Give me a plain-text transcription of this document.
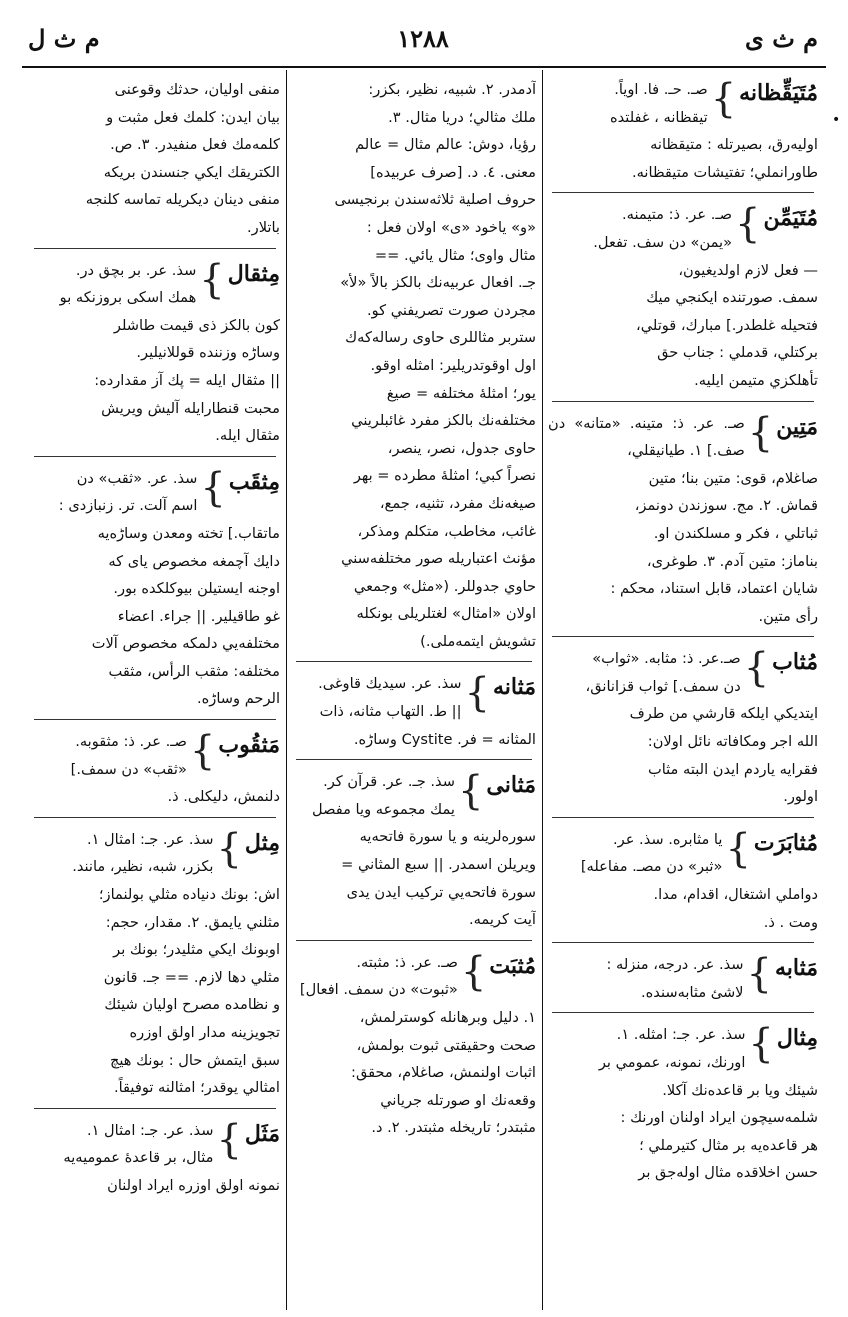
م ث ى
١٢٨٨
م ث ل
•
مُتَيَقِّظانه
}
صـ. حـ. فا. اوياً.
تيقظانه ، غفلتده
اوليه‌رق، بصيرتله : متيقظانه
طاورانملي؛ تفتيشات متيقظانه.
مُتَيَمِّن
}
صـ. عر. ذ: متيمنه.
«يمن» دن سف. تفعل.
— فعل لازم اولديغيون،
سمف. صورتنده ايكنجي ميك
فتحيله غلطدر.] مبارك، قوتلي،
بركتلي، قدملي : جناب حق
تأهلكزي متيمن ايليه.
مَتِين
}
صـ. عر. ذ: متينه. «متانه» دن صف.] ١. طيانيقلي،
صاغلام، قوى: متين بنا؛ متين
قماش. ٢. مج. سوزندن دونمز،
ثباتلي ، فكر و مسلكندن او.
بناماز: متين آدم. ٣. طوغرى،
شايان اعتماد، قابل استناد، محكم :
رأى متين.
مُثاب
}
صـ.عر. ذ: مثابه. «ثواب»
دن سمف.] ثواب قزانانق،
ايتديكي ايلكه قارشي من طرف
الله اجر ومكافاته نائل اولان:
فقرايه ياردم ايدن البته مثاب
اولور.
مُثابَرَت
}
يا مثابره. سذ. عر.
«ثبر» دن مصـ. مفاعله]
دواملي اشتغال، اقدام، مدا.
ومت . ذ.
مَثابه
}
سذ. عر. درجه، منزله :
لاشئ مثابه‌سنده.
مِثال
}
سذ. عر. جـ: امثله. ١.
اورنك، نمونه، عمومي بر
شيئك ويا بر قاعده‌نك آكلا.
شلمه‌سيچون ايراد اولنان اورنك :
هر قاعده‌يه بر مثال كتيرملي ؛
حسن اخلاقده مثال اوله‌جق بر
آدمدر. ٢. شبيه، نظير، بكزر:
ملك مثالي؛ دريا مثال. ٣.
رؤيا، دوش: عالم مثال = عالم
معنى. ٤. د. [صرف عربيده]
حروف اصلية ثلاثه‌سندن برنجيسى
«و» ياخود «ى» اولان فعل :
مثال واوى؛ مثال يائي. ==
جـ. افعال عربيه‌نك بالكز بالاً «لأ»
مجردن صورت تصريفني كو.
ستربر مثاللرى حاوى رساله‌كه‌ك
اول اوقوتدريلير: امثله اوقو.
يور؛ امثلهٔ مختلفه = صيغ
مختلفه‌نك بالكز مفرد غائبلريني
حاوى جدول، نصر، ينصر،
نصراً كبي؛ امثلهٔ مطرده = بهر
صيغه‌نك مفرد، تثنيه، جمع،
غائب، مخاطب، متكلم ومذكر،
مؤنث اعتباريله صور مختلفه‌سني
حاوي جدوللر. («مثل» وجمعي
اولان «امثال» لغتلريلى بونكله
تشويش ايتمه‌ملى.)
مَثانه
}
سذ. عر. سيديك قاوغى.
|| ط. التهاب مثانه، ذات
المثانه = فر. Cystite وساڑه.
مَثانى
}
سذ. جـ. عر. قرآن كر.
يمك مجموعه ويا مفصل
سوره‌لرينه و يا سورة فاتحه‌يه
ويريلن اسمدر. || سبع المثاني =
سورة فاتحه‌يي تركيب ايدن يدى
آيت كريمه.
مُثبَت
}
صـ. عر. ذ: مثبته.
«ثبوت» دن سمف. افعال]
١. دليل وبرهانله كوسترلمش،
صحت وحقيقتى ثبوت بولمش،
اثبات اولنمش، صاغلام، محقق:
وقعه‌نك او صورتله جرياني
مثبتدر؛ تاريخله مثبتدر. ٢. د.
منفى اوليان، حدثك وقوعنى
بيان ايدن: كلمك فعل مثبت و
كلمه‌مك فعل منفيدر. ٣. ص.
الكتريقك ايكي جنسندن بريكه
منفى دينان ديكريله تماسه كلنجه
باتلار.
مِثقال
}
سذ. عر. بر بچق در.
همك اسكى بروزنكه بو
كون بالكز ذى قيمت طاشلر
وساڑه وزننده قوللانيلير.
|| مثقال ايله = پك آز مقدارده:
محبت قنطارايله آليش ويريش
مثقال ايله.
مِثقَب
}
سذ. عر. «ثقب» دن
اسم آلت. تر. زنبازدى :
ماتقاب.] تخته ومعدن وساڑه‌يه
دايك آچمغه مخصوص ياى كه
اوجنه ايستيلن بيوكلكده بور.
غو طاقيلير. || جراء. اعضاء
مختلفه‌يي دلمكه مخصوص آلات
مختلفه: مثقب الرأس، مثقب
الرحم وساڑه.
مَثقُوب
}
صـ. عر. ذ: مثقوبه.
«ثقب» دن سمف.]
دلنمش، دليكلى. ذ.
مِثل
}
سذ. عر. جـ: امثال ١.
بكزر، شبه، نظير، مانند.
اش: بونك دنياده مثلي بولنماز؛
مثلني يايمق. ٢. مقدار، حجم:
اوبونك ايكي مثليدر؛ بونك بر
مثلي دها لازم. == جـ. قانون
و نظامده مصرح اوليان شيئك
تجويزينه مدار اولق اوزره
سبق ايتمش حال : بونك هيچ
امثالي يوقدر؛ امثالنه توفيقاً.
مَثَل
}
سذ. عر. جـ: امثال ١.
مثال، بر قاعدهٔ عموميه‌يه
نمونه اولق اوزره ايراد اولنان
